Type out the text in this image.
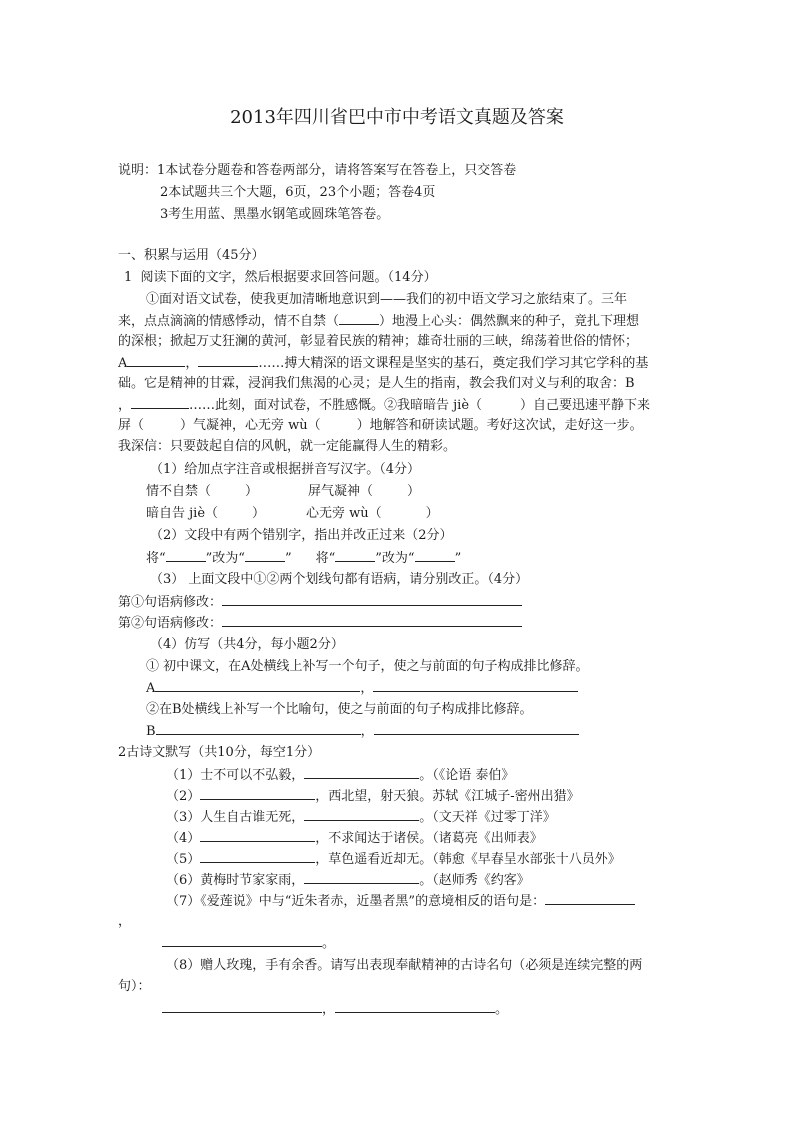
2013年四川省巴中市中考语文真题及答案
说明：1本试卷分题卷和答卷两部分，请将答案写在答卷上，只交答卷
2本试题共三个大题，6页，23个小题；答卷4页
3考生用蓝、黑墨水钢笔或圆珠笔答卷。
一、积累与运用（45分）
1  阅读下面的文字，然后根据要求回答问题。（14分）
①面对语文试卷，使我更加清晰地意识到——我们的初中语文学习之旅结束了。三年
来，点点滴滴的情感悸动，情不自禁（	）地漫上心头：偶然飘来的种子，竟扎下理想
的深根；掀起万丈狂澜的黄河，彰显着民族的精神；雄奇壮丽的三峡，绵荡着世俗的情怀；
A	，	……搏大精深的语文课程是坚实的基石，奠定我们学习其它学科的基
础。它是精神的甘霖，浸润我们焦渴的心灵；是人生的指南，教会我们对义与利的取舍：B
，	……此刻，面对试卷，不胜感慨。②我暗暗告 jiè（	）自己要迅速平静下来
屏（	）气凝神，心无旁 wù（	）地解答和研读试题。考好这次试，走好这一步。
我深信：只要鼓起自信的风帆，就一定能赢得人生的精彩。
（1）给加点字注音或根据拼音写汉字。（4分）
情不自禁（	）	屏气凝神（	）
暗自告 jiè（	）	心无旁 wù（	）
（2）文段中有两个错别字，指出并改正过来（2分）
将“	”改为“	” 将“	”改为“	”
（3） 上面文段中①②两个划线句都有语病，请分别改正。（4分）
第①句语病修改：
第②句语病修改：
（4）仿写（共4分，每小题2分）
① 初中课文，在A处横线上补写一个句子，使之与前面的句子构成排比修辞。
A	，
②在B处横线上补写一个比喻句，使之与前面的句子构成排比修辞。
B	，
2古诗文默写（共10分，每空1分）
（1）士不可以不弘毅，	。（《论语 泰伯》
（2）	，西北望，射天狼。苏轼《江城子-密州出猎》
（3）人生自古谁无死，	。（文天祥《过零丁洋》
（4）	，不求闻达于诸侯。（诸葛亮《出师表》
（5）	，草色遥看近却无。（韩愈《早春呈水部张十八员外》
（6）黄梅时节家家雨，	。（赵师秀《约客》
（7）《爱莲说》中与“近朱者赤，近墨者黑”的意境相反的语句是：
，
。
（8）赠人玫瑰，手有余香。请写出表现奉献精神的古诗名句（必须是连续完整的两
句）：
，	。
